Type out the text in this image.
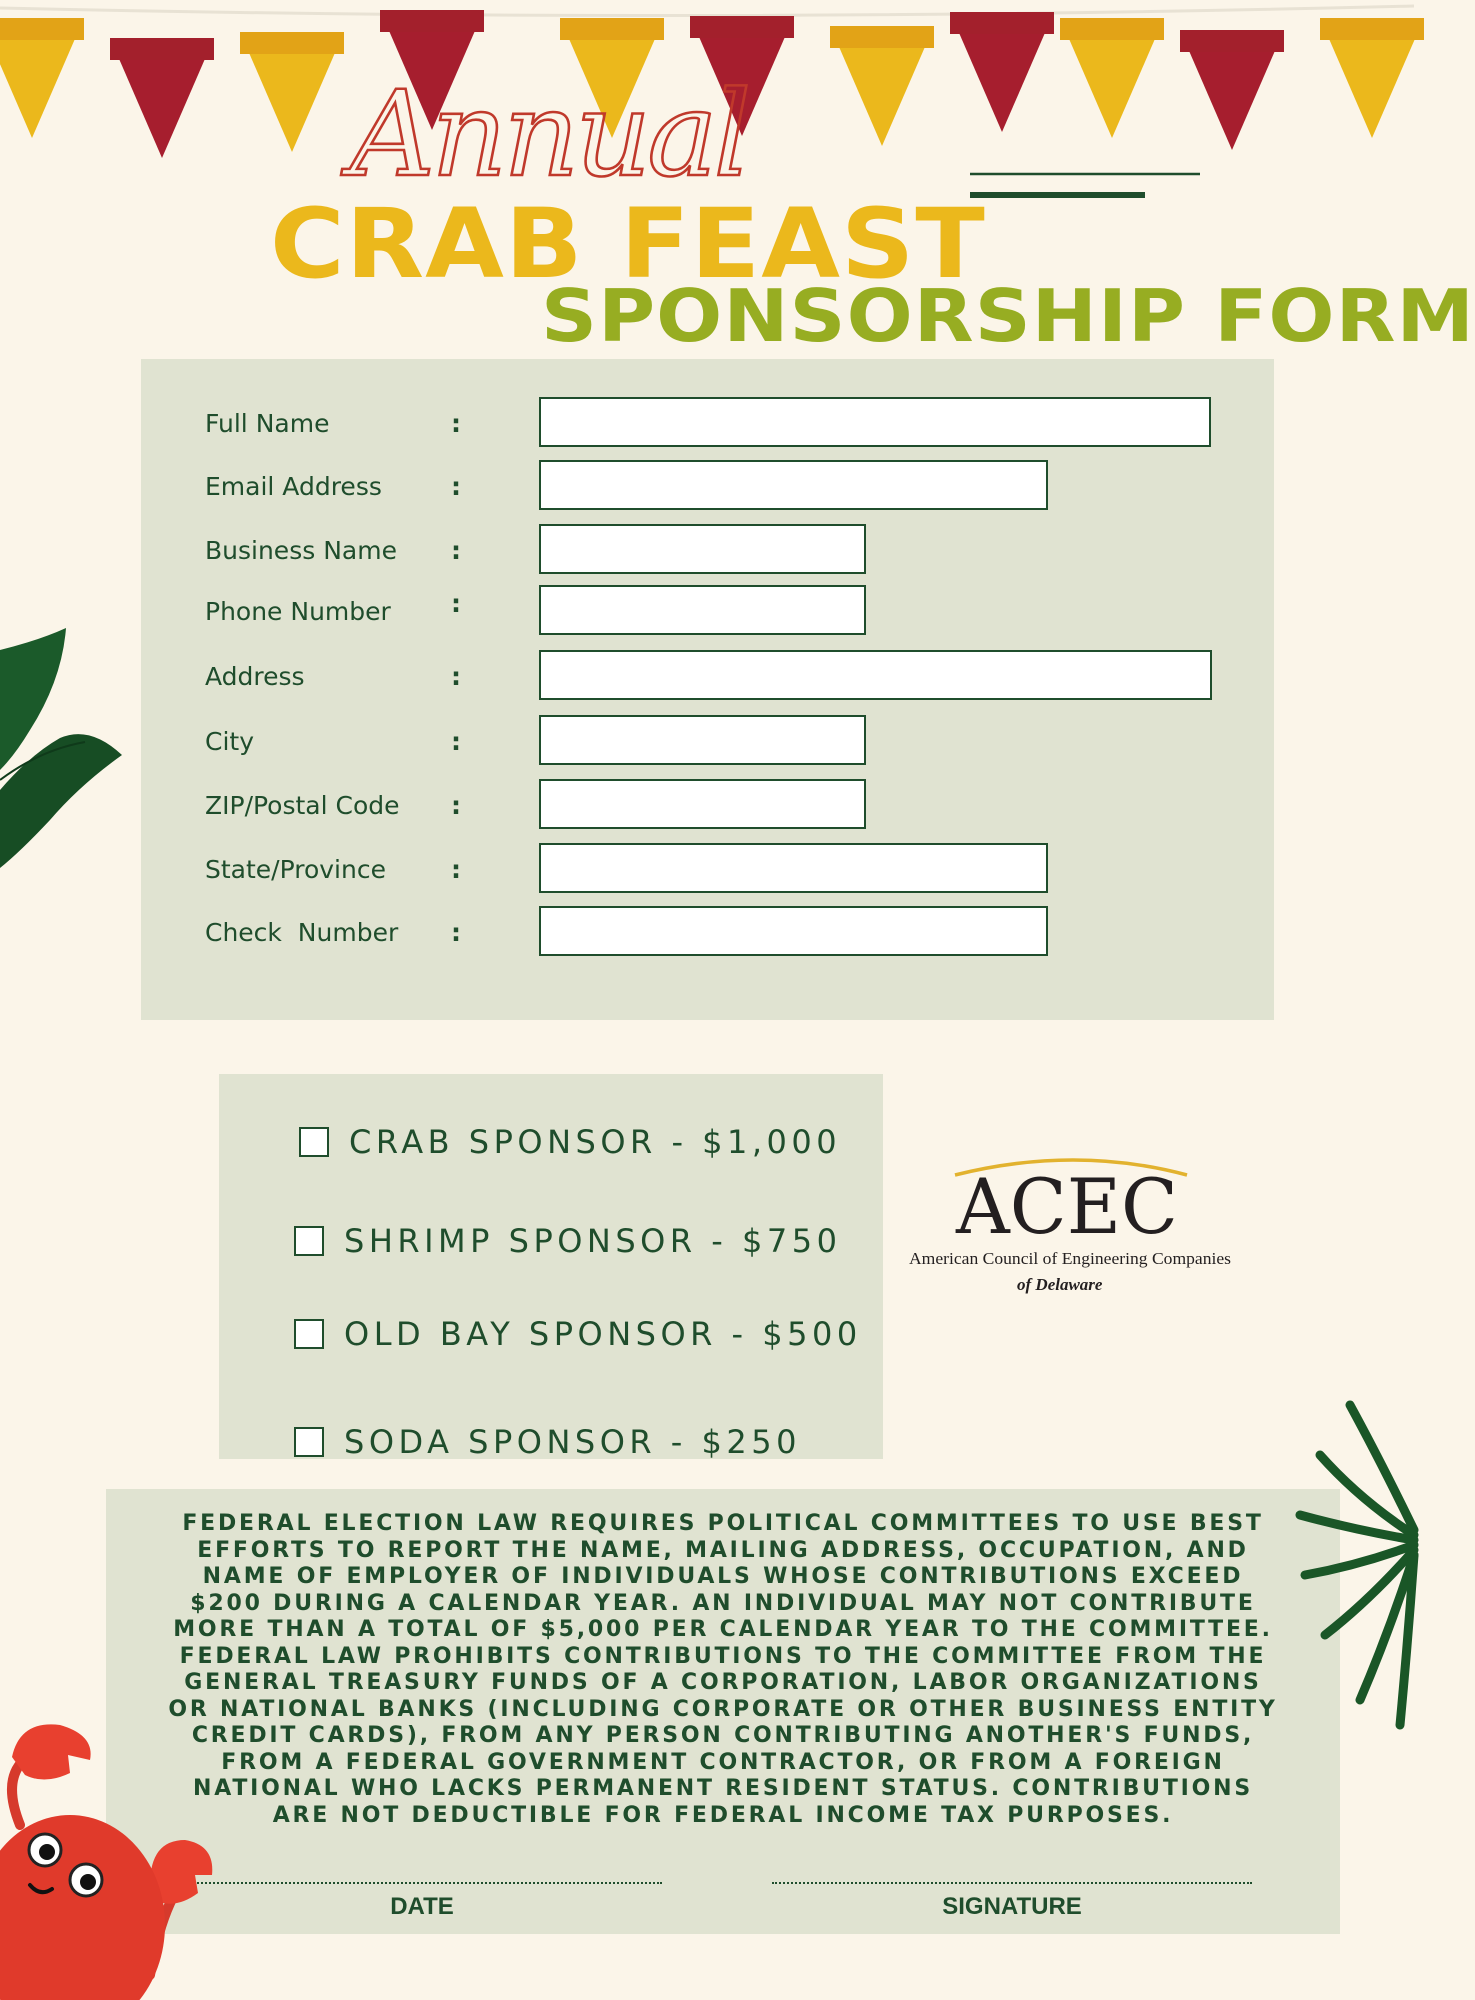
Annual
CRAB FEAST
SPONSORSHIP FORM
Full Name	:
Email Address	:
Business Name :
Phone Number :
Address	:
City	:
ZIP/Postal Code :
State/Province	:
Check  Number :
CRAB SPONSOR - $1,000
SHRIMP SPONSOR - $750
OLD BAY SPONSOR - $500
SODA SPONSOR - $250
ACEC
American Council of Engineering Companies
of Delaware

FEDERAL ELECTION LAW REQUIRES POLITICAL COMMITTEES TO USE BEST EFFORTS TO REPORT THE NAME, MAILING ADDRESS, OCCUPATION, AND NAME OF EMPLOYER OF INDIVIDUALS WHOSE CONTRIBUTIONS EXCEED $200 DURING A CALENDAR YEAR. AN INDIVIDUAL MAY NOT CONTRIBUTE MORE THAN A TOTAL OF $5,000 PER CALENDAR YEAR TO THE COMMITTEE. FEDERAL LAW PROHIBITS CONTRIBUTIONS TO THE COMMITTEE FROM THE GENERAL TREASURY FUNDS OF A CORPORATION, LABOR ORGANIZATIONS OR NATIONAL BANKS (INCLUDING CORPORATE OR OTHER BUSINESS ENTITY CREDIT CARDS), FROM ANY PERSON CONTRIBUTING ANOTHER'S FUNDS, FROM A FEDERAL GOVERNMENT CONTRACTOR, OR FROM A FOREIGN NATIONAL WHO LACKS PERMANENT RESIDENT STATUS. CONTRIBUTIONS ARE NOT DEDUCTIBLE FOR FEDERAL INCOME TAX PURPOSES.

DATE	SIGNATURE
